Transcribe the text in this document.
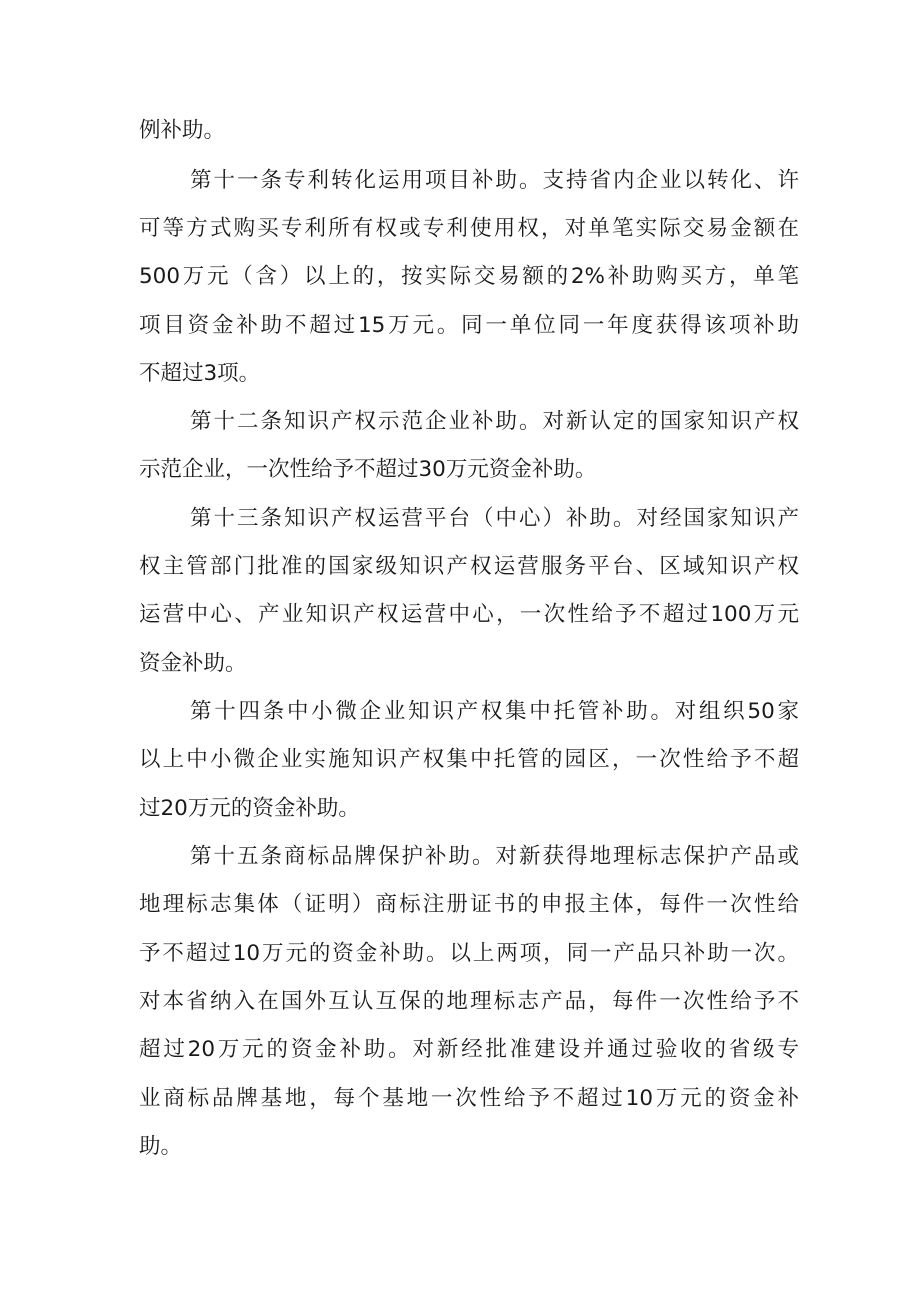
例补助。
第十一条专利转化运用项目补助。支持省内企业以转化、许
可等方式购买专利所有权或专利使用权，对单笔实际交易金额在
500万元（含）以上的，按实际交易额的2%补助购买方，单笔
项目资金补助不超过15万元。同一单位同一年度获得该项补助
不超过3项。
第十二条知识产权示范企业补助。对新认定的国家知识产权
示范企业，一次性给予不超过30万元资金补助。
第十三条知识产权运营平台（中心）补助。对经国家知识产
权主管部门批准的国家级知识产权运营服务平台、区域知识产权
运营中心、产业知识产权运营中心，一次性给予不超过100万元
资金补助。
第十四条中小微企业知识产权集中托管补助。对组织50家
以上中小微企业实施知识产权集中托管的园区，一次性给予不超
过20万元的资金补助。
第十五条商标品牌保护补助。对新获得地理标志保护产品或
地理标志集体（证明）商标注册证书的申报主体，每件一次性给
予不超过10万元的资金补助。以上两项，同一产品只补助一次。
对本省纳入在国外互认互保的地理标志产品，每件一次性给予不
超过20万元的资金补助。对新经批准建设并通过验收的省级专
业商标品牌基地，每个基地一次性给予不超过10万元的资金补
助。
